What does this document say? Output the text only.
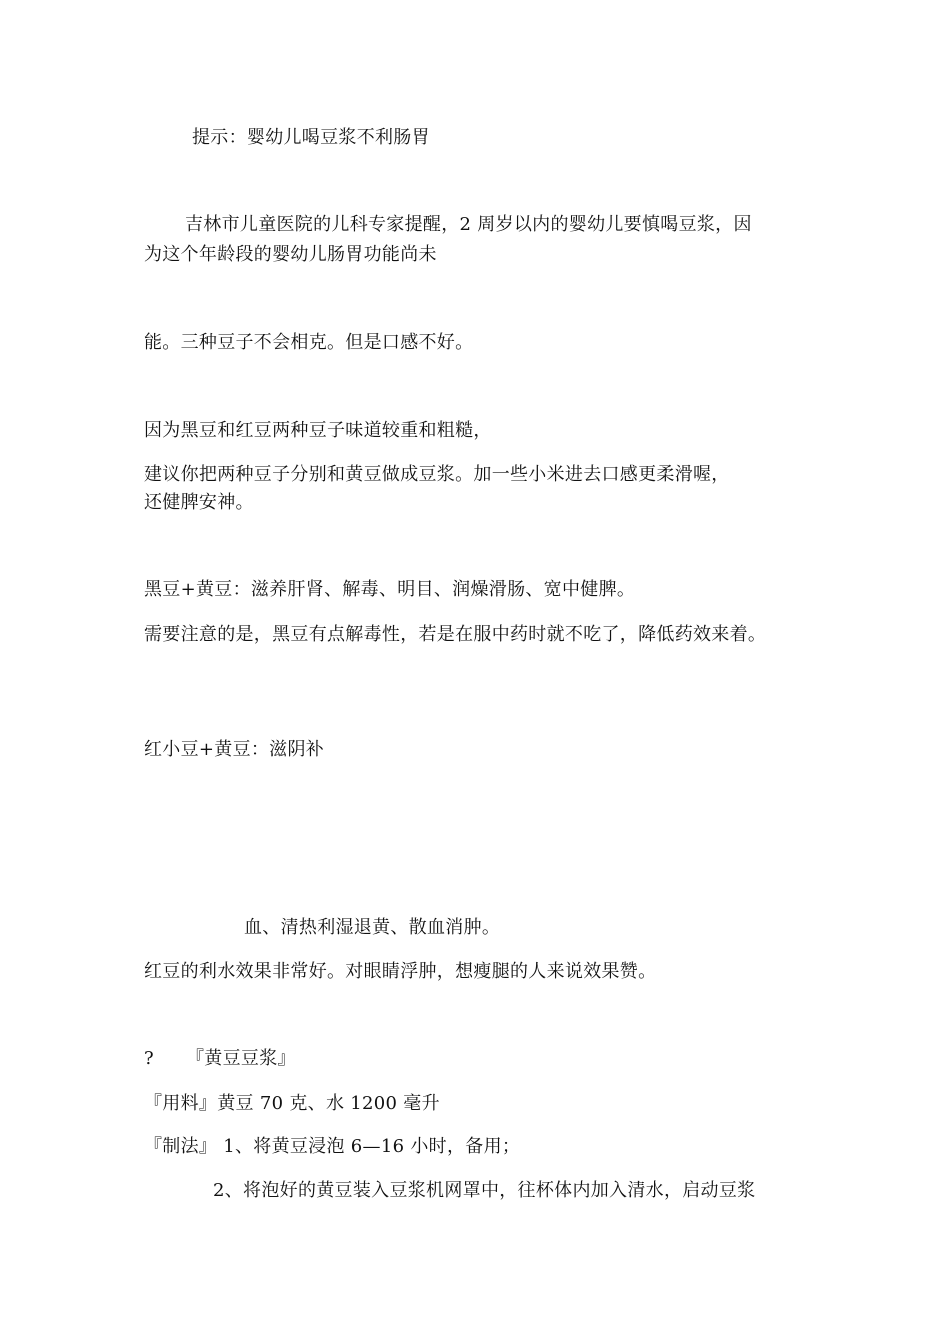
提示：婴幼儿喝豆浆不利肠胃
吉林市儿童医院的儿科专家提醒，2 周岁以内的婴幼儿要慎喝豆浆，因
为这个年龄段的婴幼儿肠胃功能尚未
能。三种豆子不会相克。但是口感不好。
因为黑豆和红豆两种豆子味道较重和粗糙，
建议你把两种豆子分别和黄豆做成豆浆。加一些小米进去口感更柔滑喔，
还健脾安神。
黑豆+黄豆：滋养肝肾、解毒、明目、润燥滑肠、宽中健脾。
需要注意的是，黑豆有点解毒性，若是在服中药时就不吃了，降低药效来着。
红小豆+黄豆：滋阴补
血、清热利湿退黄、散血消肿。
红豆的利水效果非常好。对眼睛浮肿，想瘦腿的人来说效果赞。
? 『黄豆豆浆』
『用料』黄豆 70 克、水 1200 毫升
『制法』 1、将黄豆浸泡 6—16 小时，备用；
2、将泡好的黄豆装入豆浆机网罩中，往杯体内加入清水，启动豆浆
